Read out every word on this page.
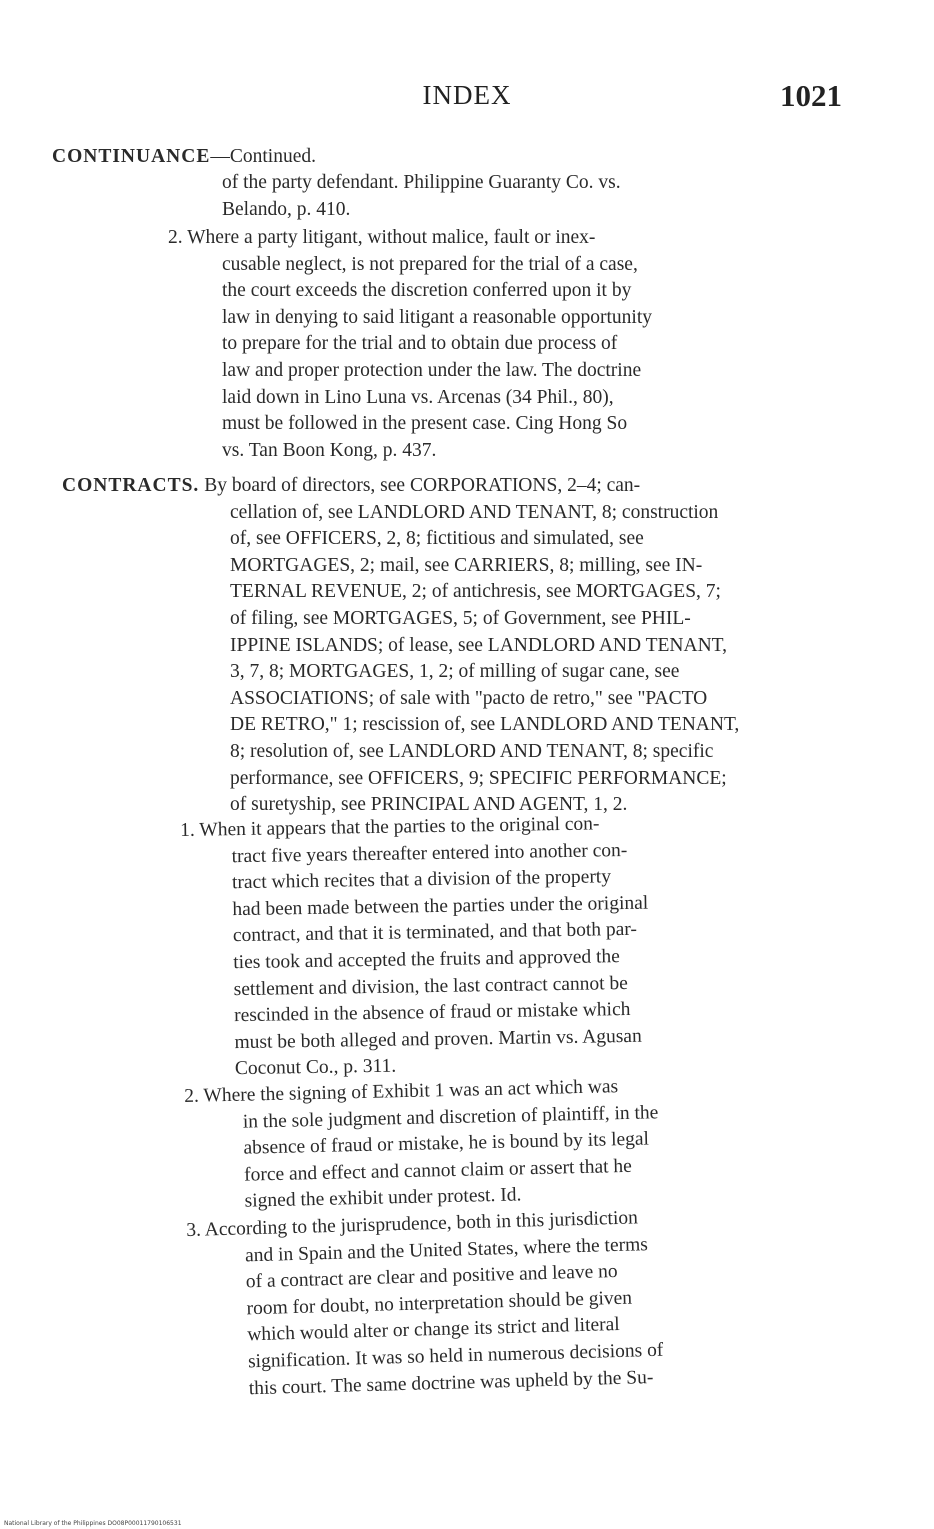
INDEX	1021
CONTINUANCE—Continued.
of the party defendant. Philippine Guaranty Co. vs.
Belando, p. 410.
2. Where a party litigant, without malice, fault or inex-
cusable neglect, is not prepared for the trial of a case,
the court exceeds the discretion conferred upon it by
law in denying to said litigant a reasonable opportunity
to prepare for the trial and to obtain due process of
law and proper protection under the law. The doctrine
laid down in Lino Luna vs. Arcenas (34 Phil., 80),
must be followed in the present case. Cing Hong So
vs. Tan Boon Kong, p. 437.
CONTRACTS. By board of directors, see CORPORATIONS, 2–4; can-
cellation of, see LANDLORD AND TENANT, 8; construction
of, see OFFICERS, 2, 8; fictitious and simulated, see
MORTGAGES, 2; mail, see CARRIERS, 8; milling, see IN-
TERNAL REVENUE, 2; of antichresis, see MORTGAGES, 7;
of filing, see MORTGAGES, 5; of Government, see PHIL-
IPPINE ISLANDS; of lease, see LANDLORD AND TENANT,
3, 7, 8; MORTGAGES, 1, 2; of milling of sugar cane, see
ASSOCIATIONS; of sale with "pacto de retro," see "PACTO
DE RETRO," 1; rescission of, see LANDLORD AND TENANT,
8; resolution of, see LANDLORD AND TENANT, 8; specific
performance, see OFFICERS, 9; SPECIFIC PERFORMANCE;
of suretyship, see PRINCIPAL AND AGENT, 1, 2.
1. When it appears that the parties to the original con-
tract five years thereafter entered into another con-
tract which recites that a division of the property
had been made between the parties under the original
contract, and that it is terminated, and that both par-
ties took and accepted the fruits and approved the
settlement and division, the last contract cannot be
rescinded in the absence of fraud or mistake which
must be both alleged and proven. Martin vs. Agusan
Coconut Co., p. 311.
2. Where the signing of Exhibit 1 was an act which was
in the sole judgment and discretion of plaintiff, in the
absence of fraud or mistake, he is bound by its legal
force and effect and cannot claim or assert that he
signed the exhibit under protest. Id.
3. According to the jurisprudence, both in this jurisdiction
and in Spain and the United States, where the terms
of a contract are clear and positive and leave no
room for doubt, no interpretation should be given
which would alter or change its strict and literal
signification. It was so held in numerous decisions of
this court. The same doctrine was upheld by the Su-
National Library of the Philippines DO08P00011790106531
